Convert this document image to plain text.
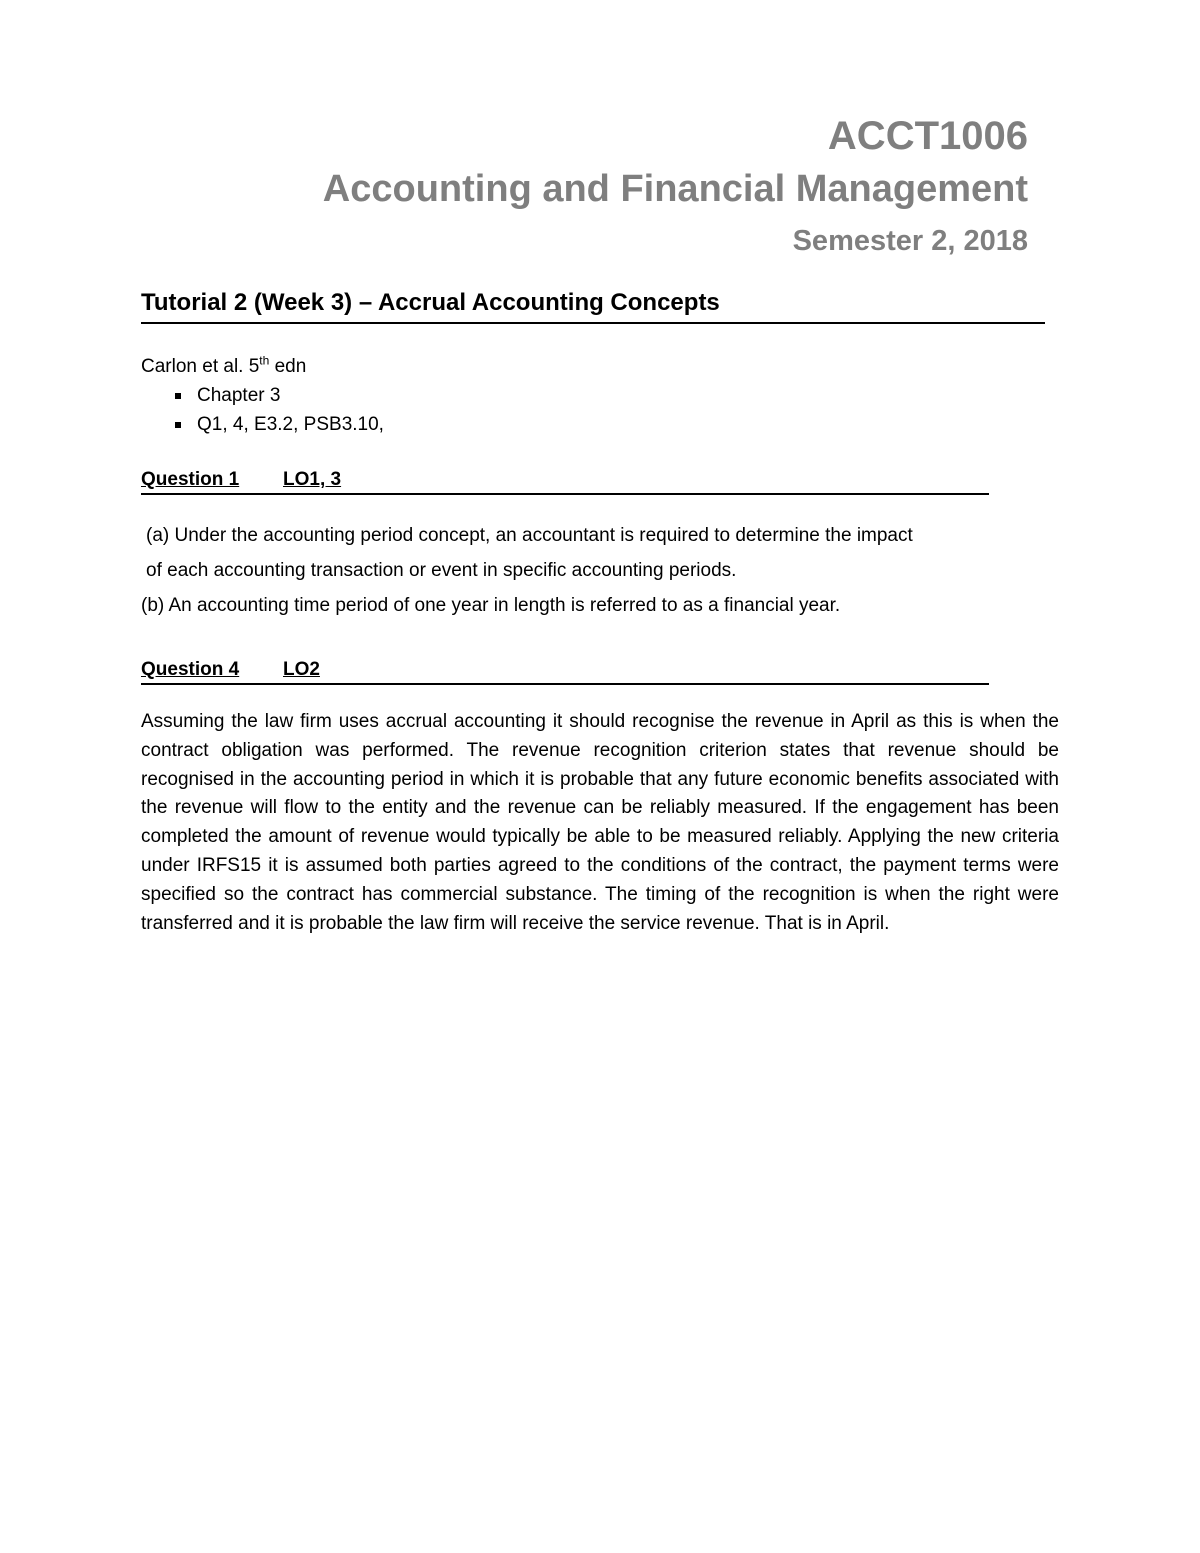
ACCT1006
Accounting and Financial Management
Semester 2, 2018
Tutorial 2 (Week 3) – Accrual Accounting Concepts
Carlon et al. 5th edn
Chapter 3
Q1, 4, E3.2, PSB3.10,
Question 1 LO1, 3
(a) Under the accounting period concept, an accountant is required to determine the impact
of each accounting transaction or event in specific accounting periods.
(b) An accounting time period of one year in length is referred to as a financial year.
Question 4 LO2
Assuming the law firm uses accrual accounting it should recognise the revenue in April as this is when the contract obligation was performed. The revenue recognition criterion states that revenue should be recognised in the accounting period in which it is probable that any future economic benefits associated with the revenue will flow to the entity and the revenue can be reliably measured. If the engagement has been completed the amount of revenue would typically be able to be measured reliably. Applying the new criteria under IRFS15 it is assumed both parties agreed to the conditions of the contract, the payment terms were specified so the contract has commercial substance. The timing of the recognition is when the right were transferred and it is probable the law firm will receive the service revenue. That is in April.
